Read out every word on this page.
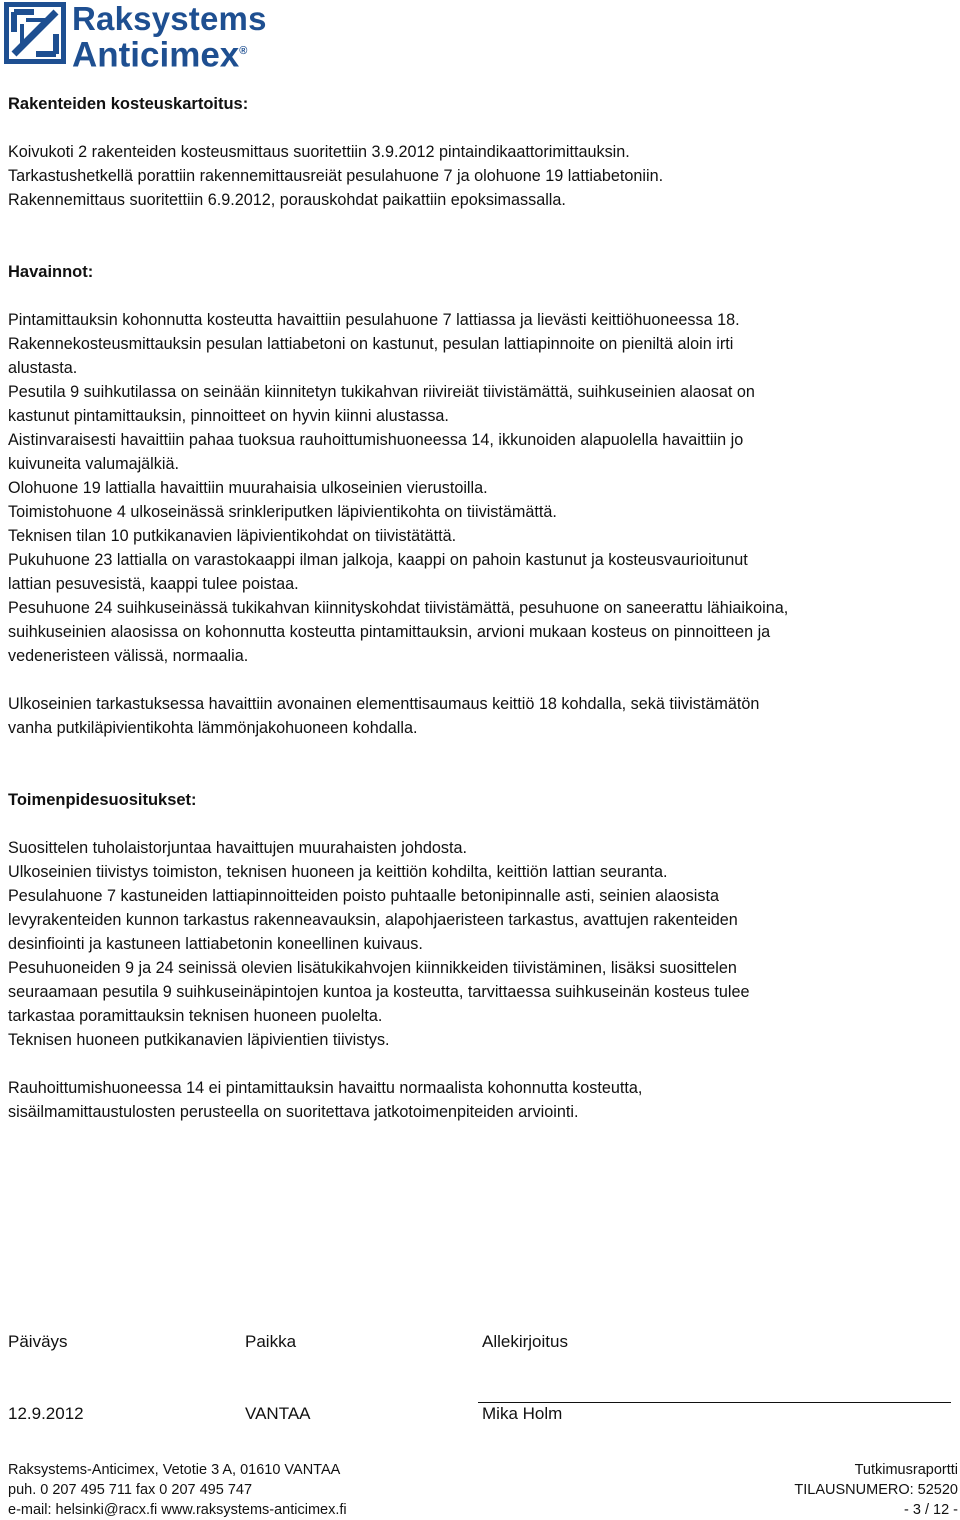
Raksystems
Anticimex®

Rakenteiden kosteuskartoitus:

Koivukoti 2 rakenteiden kosteusmittaus suoritettiin 3.9.2012 pintaindikaattorimittauksin.

Tarkastushetkellä porattiin rakennemittausreiät pesulahuone 7 ja olohuone 19 lattiabetoniin.

Rakennemittaus suoritettiin 6.9.2012, porauskohdat paikattiin epoksimassalla.

Havainnot:

Pintamittauksin kohonnutta kosteutta havaittiin pesulahuone 7 lattiassa ja lievästi keittiöhuoneessa 18.

Rakennekosteusmittauksin pesulan lattiabetoni on kastunut, pesulan lattiapinnoite on pieniltä aloin irti

alustasta.

Pesutila 9 suihkutilassa on seinään kiinnitetyn tukikahvan riivireiät tiivistämättä, suihkuseinien alaosat on

kastunut pintamittauksin, pinnoitteet on hyvin kiinni alustassa.

Aistinvaraisesti havaittiin pahaa tuoksua rauhoittumishuoneessa 14, ikkunoiden alapuolella havaittiin jo

kuivuneita valumajälkiä.

Olohuone 19 lattialla havaittiin muurahaisia ulkoseinien vierustoilla.

Toimistohuone 4 ulkoseinässä srinkleriputken läpivientikohta on tiivistämättä.

Teknisen tilan 10 putkikanavien läpivientikohdat on tiivistätättä.

Pukuhuone 23 lattialla on varastokaappi ilman jalkoja, kaappi on pahoin kastunut ja kosteusvaurioitunut

lattian pesuvesistä, kaappi tulee poistaa.

Pesuhuone 24 suihkuseinässä tukikahvan kiinnityskohdat tiivistämättä, pesuhuone on saneerattu lähiaikoina,

suihkuseinien alaosissa on kohonnutta kosteutta pintamittauksin, arvioni mukaan kosteus on pinnoitteen ja

vedeneristeen välissä, normaalia.

Ulkoseinien tarkastuksessa havaittiin avonainen elementtisaumaus keittiö 18 kohdalla, sekä tiivistämätön

vanha putkiläpivientikohta lämmönjakohuoneen kohdalla.

Toimenpidesuositukset:

Suosittelen tuholaistorjuntaa havaittujen muurahaisten johdosta.

Ulkoseinien tiivistys toimiston, teknisen huoneen ja keittiön kohdilta, keittiön lattian seuranta.

Pesulahuone 7 kastuneiden lattiapinnoitteiden poisto puhtaalle betonipinnalle asti, seinien alaosista

levyrakenteiden kunnon tarkastus rakenneavauksin, alapohjaeristeen tarkastus, avattujen rakenteiden

desinfiointi ja kastuneen lattiabetonin koneellinen kuivaus.

Pesuhuoneiden 9 ja 24 seinissä olevien lisätukikahvojen kiinnikkeiden tiivistäminen, lisäksi suosittelen

seuraamaan pesutila 9 suihkuseinäpintojen kuntoa ja kosteutta, tarvittaessa suihkuseinän kosteus tulee

tarkastaa poramittauksin teknisen huoneen puolelta.

Teknisen huoneen putkikanavien läpivientien tiivistys.

Rauhoittumishuoneessa 14 ei pintamittauksin havaittu normaalista kohonnutta kosteutta,

sisäilmamittaustulosten perusteella on suoritettava jatkotoimenpiteiden arviointi.

Päiväys	Paikka	Allekirjoitus
12.9.2012	VANTAA	Mika Holm
Raksystems-Anticimex, Vetotie 3 A, 01610 VANTAA	Tutkimusraportti
puh. 0 207 495 711 fax 0 207 495 747	TILAUSNUMERO: 52520
e-mail: helsinki@racx.fi www.raksystems-anticimex.fi	- 3 / 12 -
